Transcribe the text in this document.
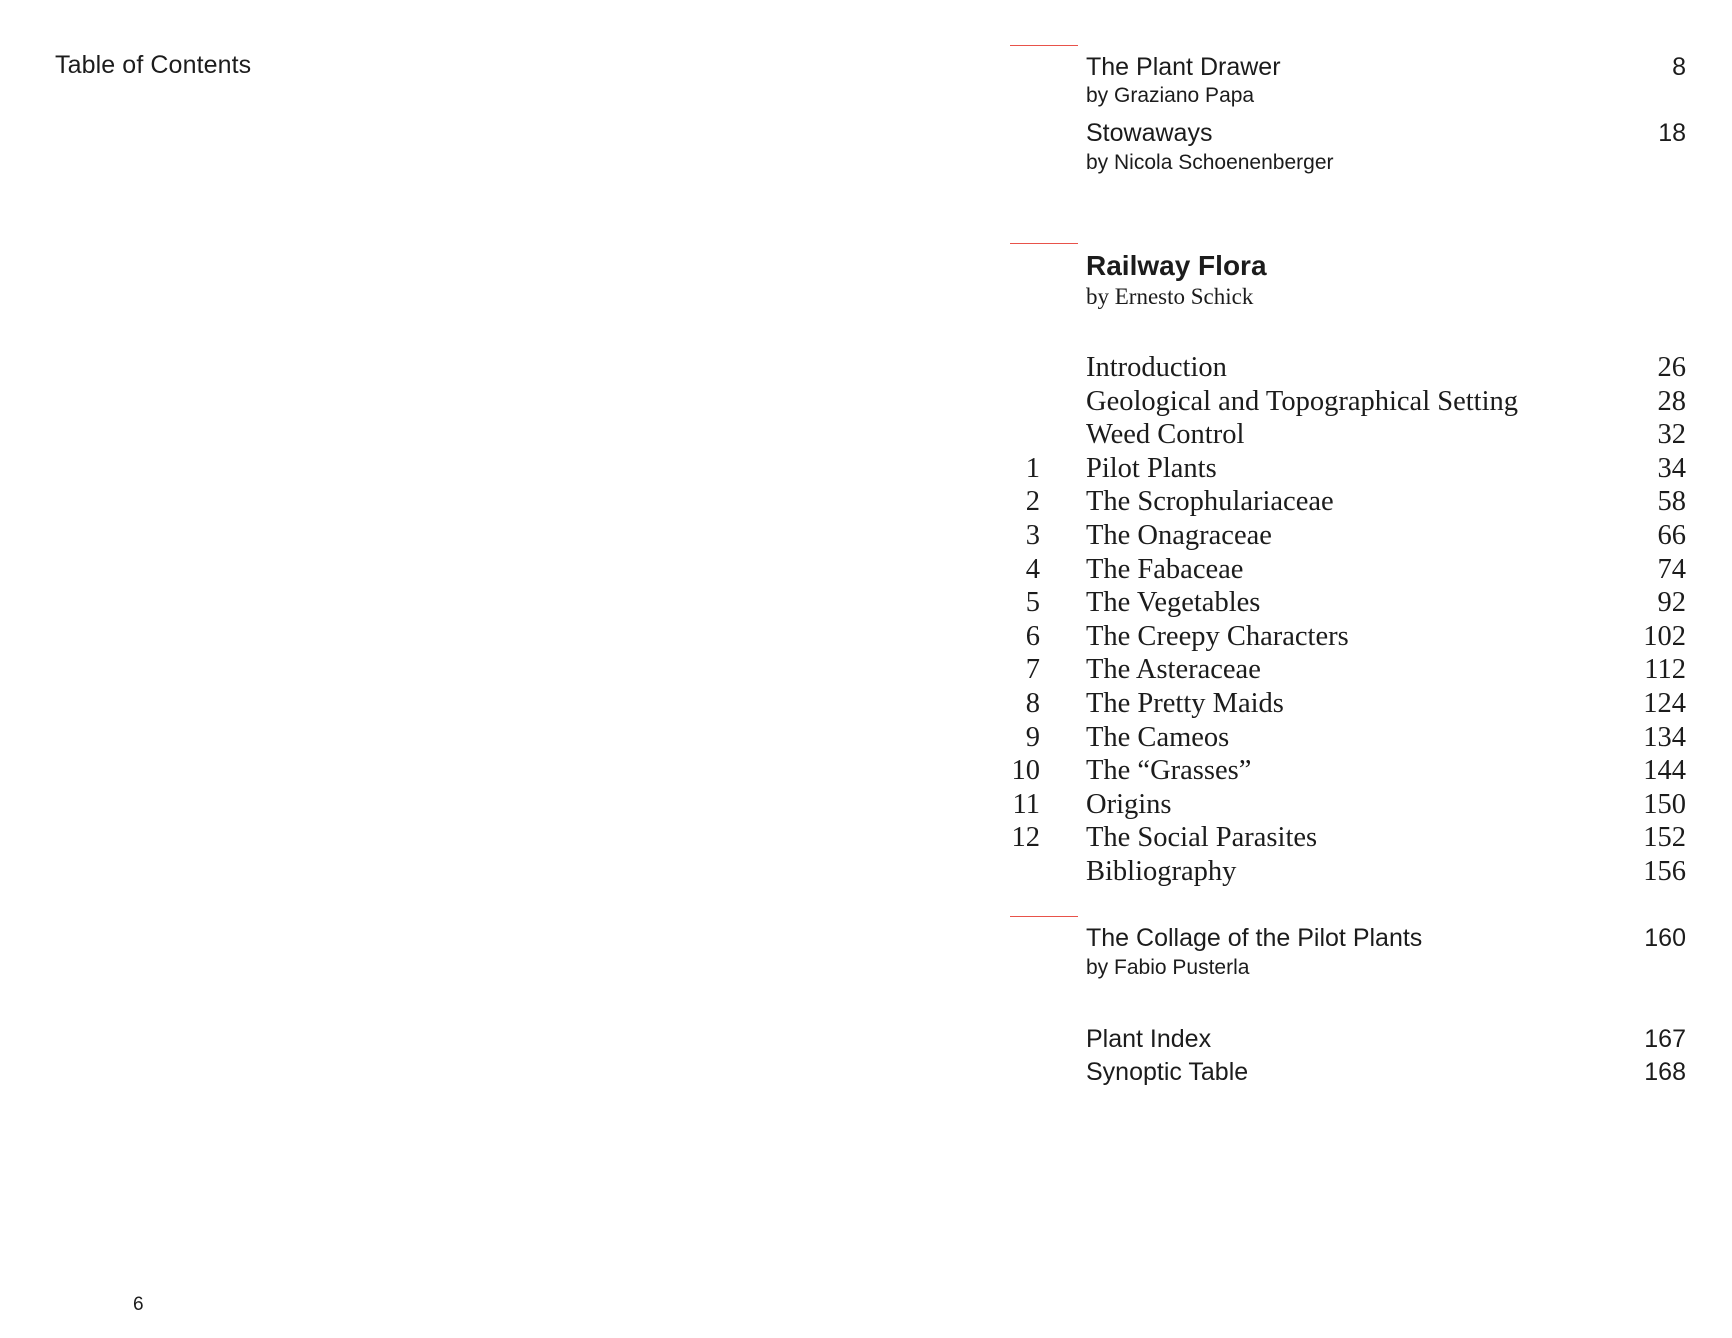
Table of Contents
6
The Plant Drawer	8
by Graziano Papa
Stowaways	18
by Nicola Schoenenberger
Railway Flora
by Ernesto Schick
Introduction	26
Geological and Topographical Setting	28
Weed Control	32
1 Pilot Plants	34
2 The Scrophulariaceae	58
3 The Onagraceae	66
4 The Fabaceae	74
5 The Vegetables	92
6 The Creepy Characters	102
7 The Asteraceae	112
8 The Pretty Maids	124
9 The Cameos	134
10 The “Grasses”	144
11 Origins	150
12 The Social Parasites	152
Bibliography	156
The Collage of the Pilot Plants	160
by Fabio Pusterla
Plant Index	167
Synoptic Table	168
